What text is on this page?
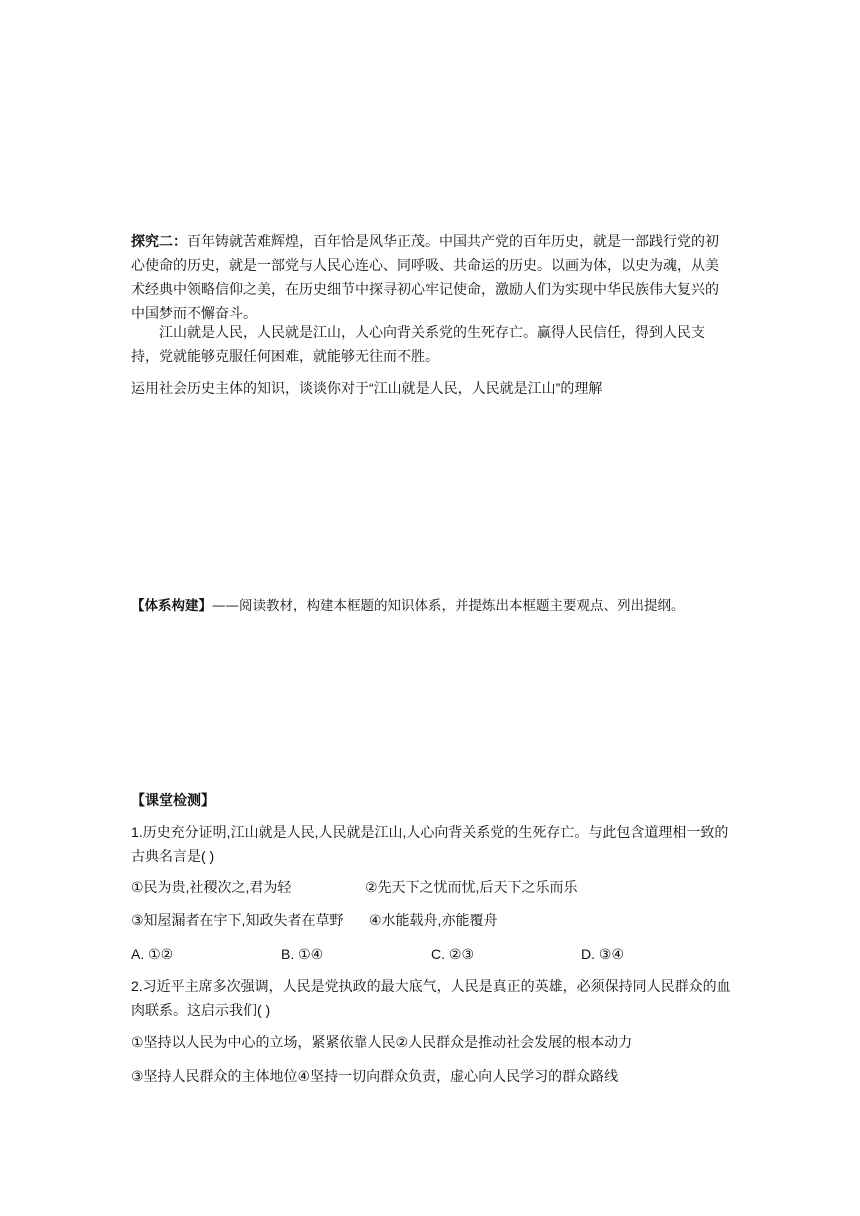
探究二：百年铸就苦难辉煌，百年恰是风华正茂。中国共产党的百年历史，就是一部践行党的初心使命的历史，就是一部党与人民心连心、同呼吸、共命运的历史。以画为体，以史为魂，从美术经典中领略信仰之美，在历史细节中探寻初心牢记使命，激励人们为实现中华民族伟大复兴的中国梦而不懈奋斗。

江山就是人民，人民就是江山，人心向背关系党的生死存亡。赢得人民信任，得到人民支持，党就能够克服任何困难，就能够无往而不胜。

运用社会历史主体的知识，谈谈你对于“江山就是人民，人民就是江山”的理解

【体系构建】——阅读教材，构建本框题的知识体系，并提炼出本框题主要观点、列出提纲。

【课堂检测】

1.历史充分证明,江山就是人民,人民就是江山,人心向背关系党的生死存亡。与此包含道理相一致的古典名言是( )

①民为贵,社稷次之,君为轻	②先天下之忧而忧,后天下之乐而乐
③知屋漏者在宇下,知政失者在草野 ④水能载舟,亦能覆舟
A. ①②	B. ①④	C. ②③	D. ③④

2.习近平主席多次强调，人民是党执政的最大底气，人民是真正的英雄，必须保持同人民群众的血肉联系。这启示我们( )

①坚持以人民为中心的立场，紧紧依靠人民②人民群众是推动社会发展的根本动力
③坚持人民群众的主体地位④坚持一切向群众负责，虚心向人民学习的群众路线
